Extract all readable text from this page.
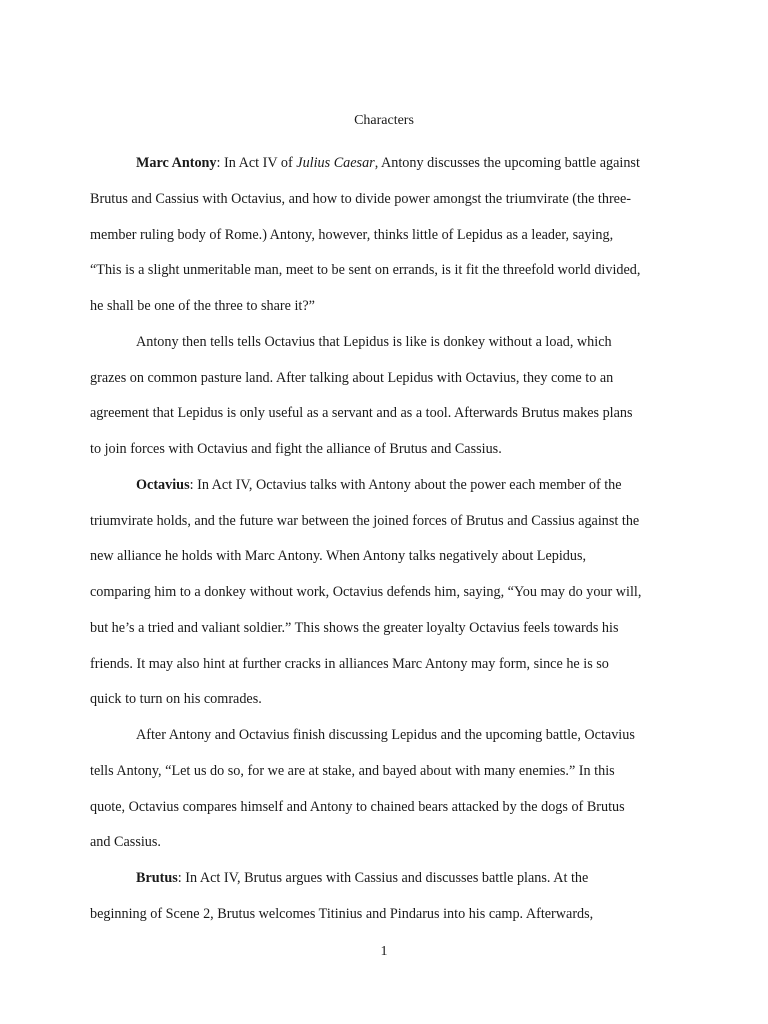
Characters

Marc Antony: In Act IV of Julius Caesar, Antony discusses the upcoming battle against
Brutus and Cassius with Octavius, and how to divide power amongst the triumvirate (the three-
member ruling body of Rome.) Antony, however, thinks little of Lepidus as a leader, saying,
“This is a slight unmeritable man, meet to be sent on errands, is it fit the threefold world divided,
he shall be one of the three to share it?”
Antony then tells tells Octavius that Lepidus is like is donkey without a load, which
grazes on common pasture land. After talking about Lepidus with Octavius, they come to an
agreement that Lepidus is only useful as a servant and as a tool. Afterwards Brutus makes plans
to join forces with Octavius and fight the alliance of Brutus and Cassius.
Octavius: In Act IV, Octavius talks with Antony about the power each member of the
triumvirate holds, and the future war between the joined forces of Brutus and Cassius against the
new alliance he holds with Marc Antony. When Antony talks negatively about Lepidus,
comparing him to a donkey without work, Octavius defends him, saying, “You may do your will,
but he’s a tried and valiant soldier.” This shows the greater loyalty Octavius feels towards his
friends. It may also hint at further cracks in alliances Marc Antony may form, since he is so
quick to turn on his comrades.
After Antony and Octavius finish discussing Lepidus and the upcoming battle, Octavius
tells Antony, “Let us do so, for we are at stake, and bayed about with many enemies.” In this
quote, Octavius compares himself and Antony to chained bears attacked by the dogs of Brutus
and Cassius.
Brutus: In Act IV, Brutus argues with Cassius and discusses battle plans. At the
beginning of Scene 2, Brutus welcomes Titinius and Pindarus into his camp. Afterwards,
1
